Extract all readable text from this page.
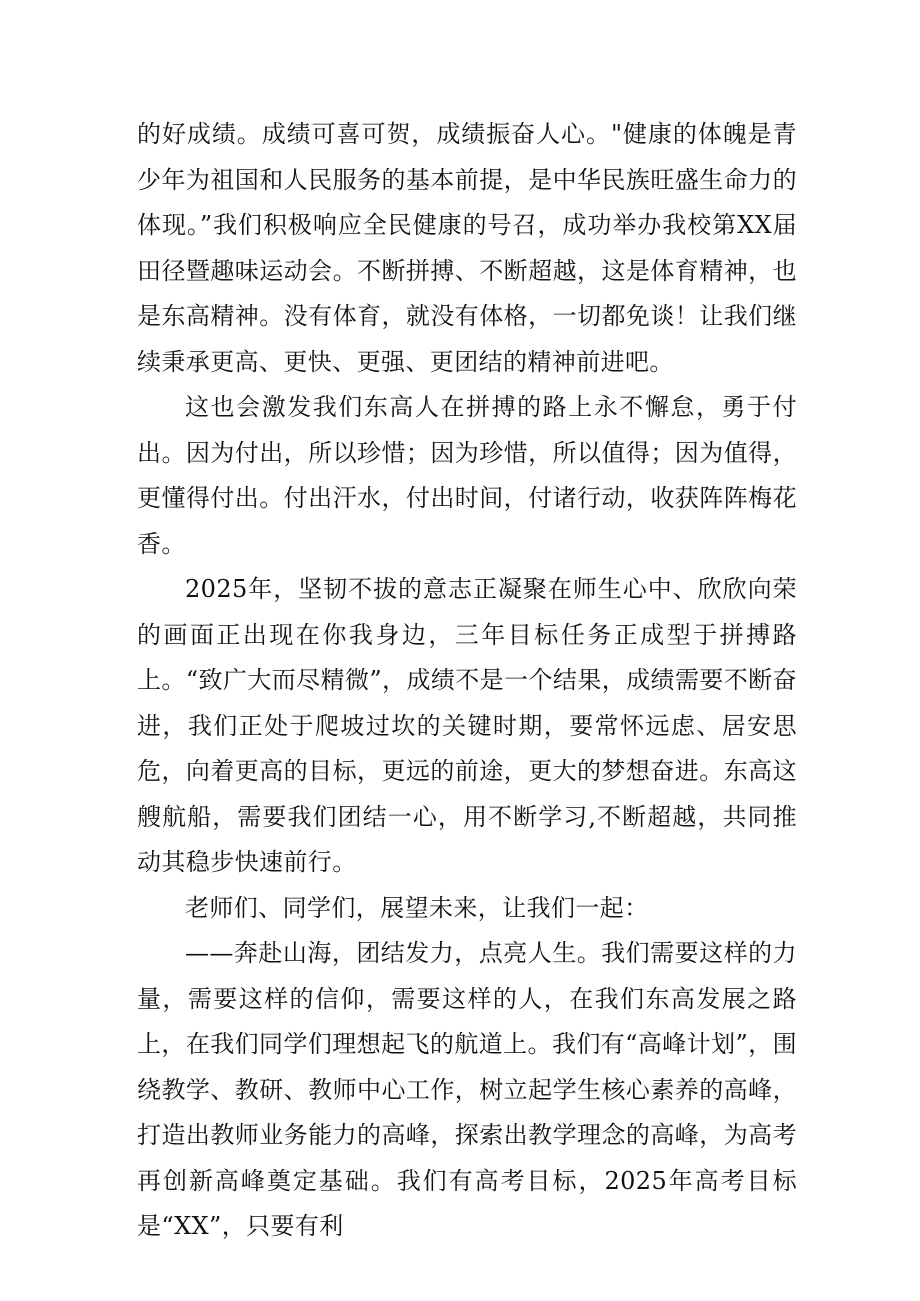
的好成绩。成绩可喜可贺，成绩振奋人心。"健康的体魄是青少年为祖国和人民服务的基本前提，是中华民族旺盛生命力的体现。”我们积极响应全民健康的号召，成功举办我校第XX届田径暨趣味运动会。不断拼搏、不断超越，这是体育精神，也是东高精神。没有体育，就没有体格，一切都免谈！让我们继续秉承更高、更快、更强、更团结的精神前进吧。

这也会激发我们东高人在拼搏的路上永不懈怠，勇于付出。因为付出，所以珍惜；因为珍惜，所以值得；因为值得，更懂得付出。付出汗水，付出时间，付诸行动，收获阵阵梅花香。

2025年，坚韧不拔的意志正凝聚在师生心中、欣欣向荣的画面正出现在你我身边，三年目标任务正成型于拼搏路上。“致广大而尽精微”，成绩不是一个结果，成绩需要不断奋进，我们正处于爬坡过坎的关键时期，要常怀远虑、居安思危，向着更高的目标，更远的前途，更大的梦想奋进。东高这艘航船，需要我们团结一心，用不断学习,不断超越，共同推动其稳步快速前行。

老师们、同学们，展望未来，让我们一起：

——奔赴山海，团结发力，点亮人生。我们需要这样的力量，需要这样的信仰，需要这样的人，在我们东高发展之路上，在我们同学们理想起飞的航道上。我们有“高峰计划”，围绕教学、教研、教师中心工作，树立起学生核心素养的高峰，打造出教师业务能力的高峰，探索出教学理念的高峰，为高考再创新高峰奠定基础。我们有高考目标，2025年高考目标是“XX”，只要有利
